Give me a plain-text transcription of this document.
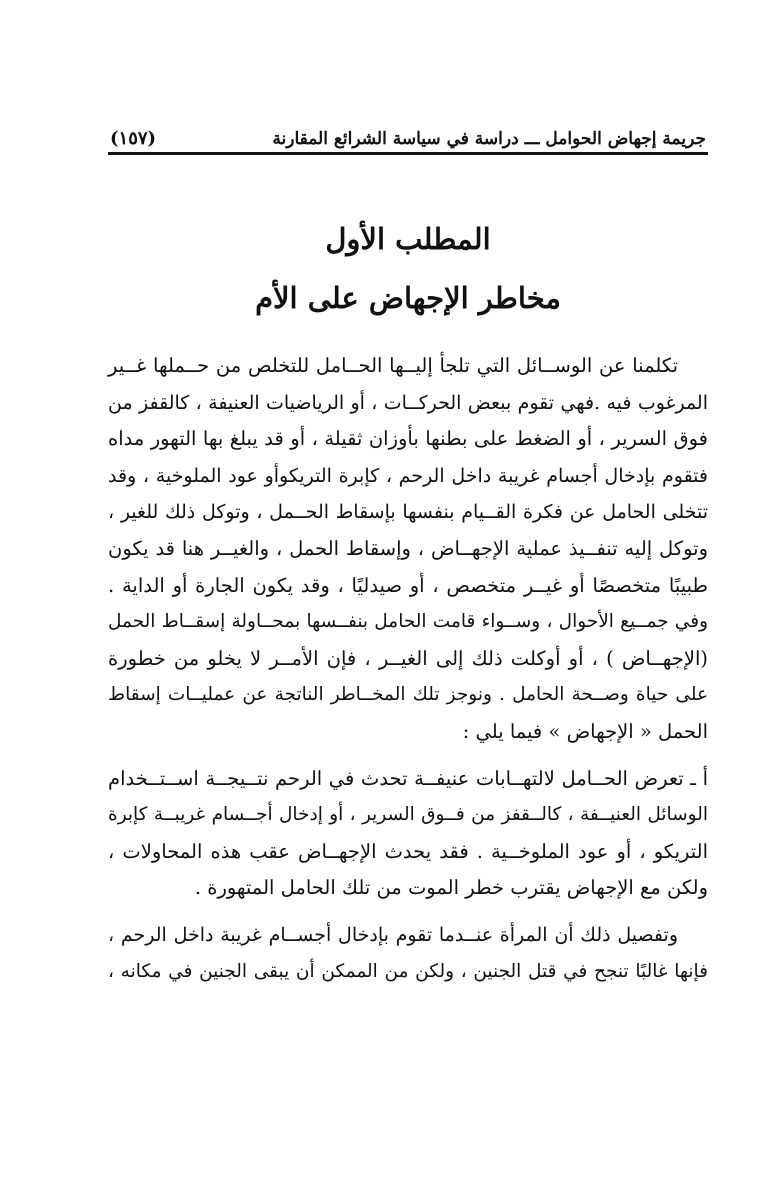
جريمة إجهاض الحوامل ـــ دراسة في سياسة الشرائع المقارنة
(١٥٧)
المطلب الأول
مخاطر الإجهاض على الأم
تكلمنا عن الوســائل التي تلجأ إليــها الحــامل للتخلص من حــملها غــير
المرغوب فيه .فهي تقوم ببعض الحركــات ، أو الرياضيات العنيفة ، كالقفز من
فوق السرير ، أو الضغط على بطنها بأوزان ثقيلة ، أو قد يبلغ بها التهور مداه
فتقوم بإدخال أجسام غريبة داخل الرحم ، كإبرة التريكوأو عود الملوخية ، وقد
تتخلى الحامل عن فكرة القــيام بنفسها بإسقاط الحــمل ، وتوكل ذلك للغير ،
وتوكل إليه تنفــيذ عملية الإجهــاض ، وإسقاط الحمل ، والغيــر هنا قد يكون
طبيبًا متخصصًا أو غيــر متخصص ، أو صيدليًا ، وقد يكون الجارة أو الداية .
وفي جمــيع الأحوال ، وســواء قامت الحامل بنفــسها بمحــاولة إسقــاط الحمل
(الإجهــاض ) ، أو أوكلت ذلك إلى الغيــر ، فإن الأمــر لا يخلو من خطورة
على حياة وصــحة الحامل . ونوجز تلك المخــاطر الناتجة عن عمليــات إسقاط
الحمل « الإجهاض » فيما يلي :
أ ـ تعرض الحــامل لالتهــابات عنيفــة تحدث في الرحم نتــيجــة اســتــخدام
الوسائل العنيــفة ، كالــقفز من فــوق السرير ، أو إدخال أجــسام غريبــة كإبرة
التريكو ، أو عود الملوخــية . فقد يحدث الإجهــاض عقب هذه المحاولات ،
ولكن مع الإجهاض يقترب خطر الموت من تلك الحامل المتهورة .
وتفصيل ذلك أن المرأة عنــدما تقوم بإدخال أجســام غريبة داخل الرحم ،
فإنها غالبًا تنجح في قتل الجنين ، ولكن من الممكن أن يبقى الجنين في مكانه ،
